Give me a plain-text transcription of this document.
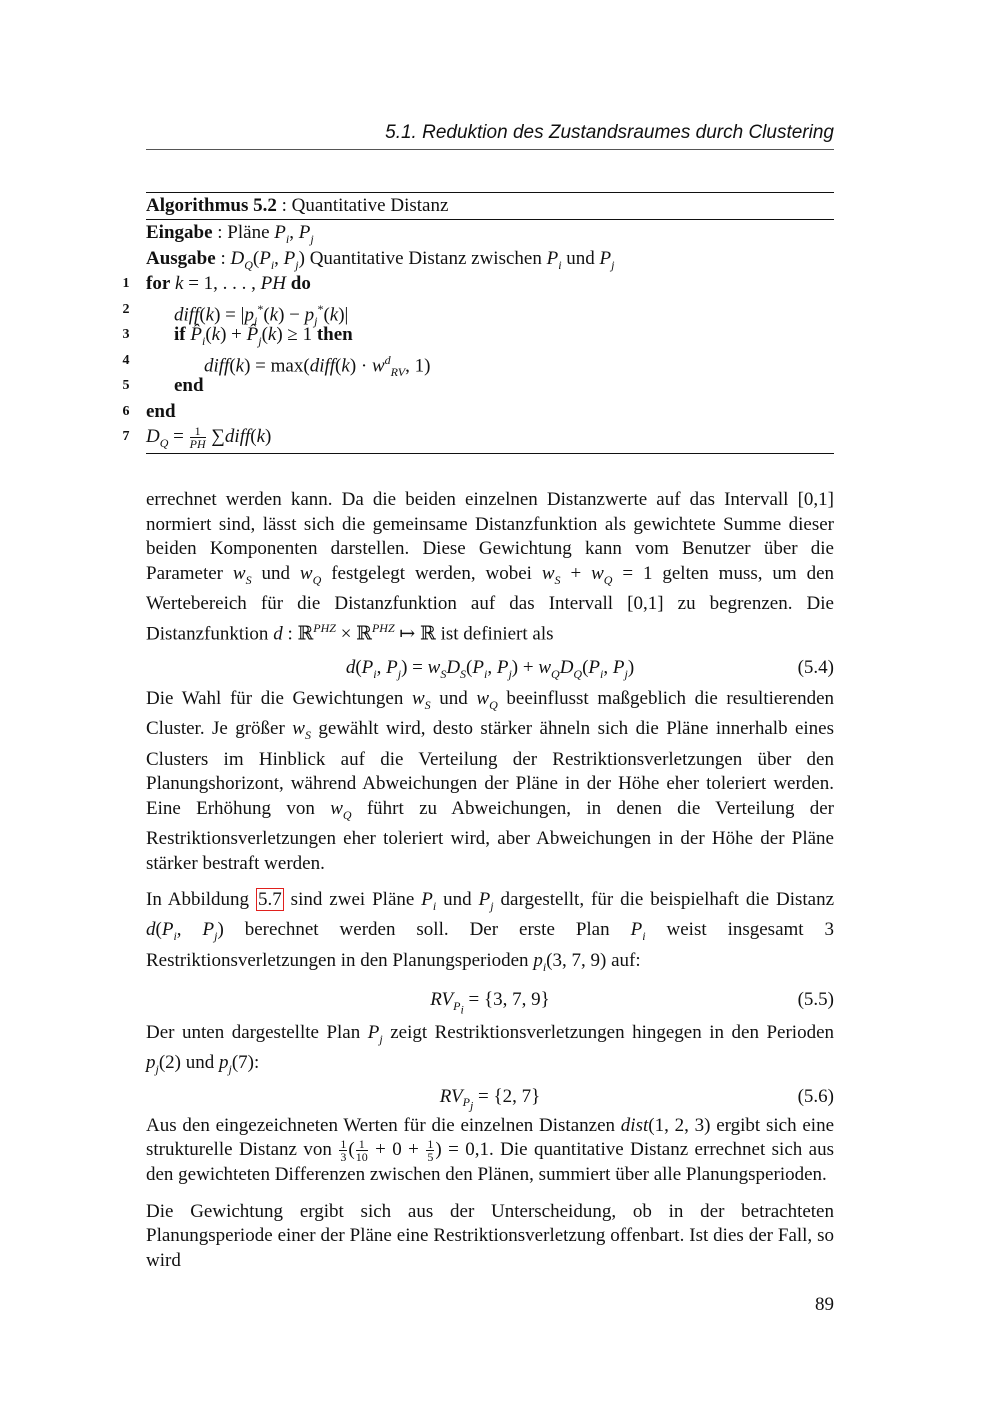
5.1. Reduktion des Zustandsraumes durch Clustering
Algorithmus 5.2 : Quantitative Distanz
Eingabe : Pläne $P_i$, $P_j$
Ausgabe : $D_Q(P_i$, $P_j$) Quantitative Distanz zwischen $P_i$ und $P_j$
1 for k = 1, . . . , PH do
2	diff(k) = $|p_i^*(k) - p_j^*(k)|$
3	if $P̂_i(k)$ + $P̂_j(k) \ge 1$ then
4	diff(k) = max(diff(k) · $w^d_{RV}$, 1)
5	end
6 end
7 $D_Q = \frac{1}{PH}$ ∑diff(k)

errechnet werden kann. Da die beiden einzelnen Distanzwerte auf das Intervall [0,1] normiert sind, lässt sich die gemeinsame Distanzfunktion als gewichtete Summe dieser beiden Komponenten darstellen. Diese Gewichtung kann vom Benutzer über die Parameter $w_S$ und $w_Q$ festgelegt werden, wobei $w_S + w_Q = 1$ gelten muss, um den Wertebereich für die Distanzfunktion auf das Intervall [0,1] zu begrenzen. Die Distanzfunktion d : ℝ$^{PHZ}$ × ℝ$^{PHZ}$ ↦ ℝ ist definiert als

$d(P_i$, $P_j) = w_SD_S(P_i$, $P_j) + w_QD_Q(P_i$, $P_j$)	(5.4)

Die Wahl für die Gewichtungen $w_S$ und $w_Q$ beeinflusst maßgeblich die resultierenden Cluster. Je größer $w_S$ gewählt wird, desto stärker ähneln sich die Pläne innerhalb eines Clusters im Hinblick auf die Verteilung der Restriktionsverletzungen über den Planungshorizont, während Abweichungen der Pläne in der Höhe eher toleriert werden. Eine Erhöhung von $w_Q$ führt zu Abweichungen, in denen die Verteilung der Restriktionsverletzungen eher toleriert wird, aber Abweichungen in der Höhe der Pläne stärker bestraft werden.

In Abbildung 5.7 sind zwei Pläne $P_i$ und $P_j$ dargestellt, für die beispielhaft die Distanz $d(P_i$, $P_j$) berechnet werden soll. Der erste Plan $P_i$ weist insgesamt 3 Restriktionsverletzungen in den Planungsperioden $p_i(3$, 7, 9) auf:

$RV_{P_i} = \{3$, 7, 9}	(5.5)

Der unten dargestellte Plan $P_j$ zeigt Restriktionsverletzungen hingegen in den Perioden $p_j(2)$ und $p_j(7)$:

$RV_{P_j} = \{2$, 7}	(5.6)

Aus den eingezeichneten Werten für die einzelnen Distanzen dist(1, 2, 3) ergibt sich eine strukturelle Distanz von $\frac{1}{3}$ ( $\frac{1}{10} + 0 + \frac{1}{5}$ ) = 0,1. Die quantitative Distanz errechnet sich aus den gewichteten Differenzen zwischen den Plänen, summiert über alle Planungsperioden.

Die Gewichtung ergibt sich aus der Unterscheidung, ob in der betrachteten Planungsperiode einer der Pläne eine Restriktionsverletzung offenbart. Ist dies der Fall, so wird

89
